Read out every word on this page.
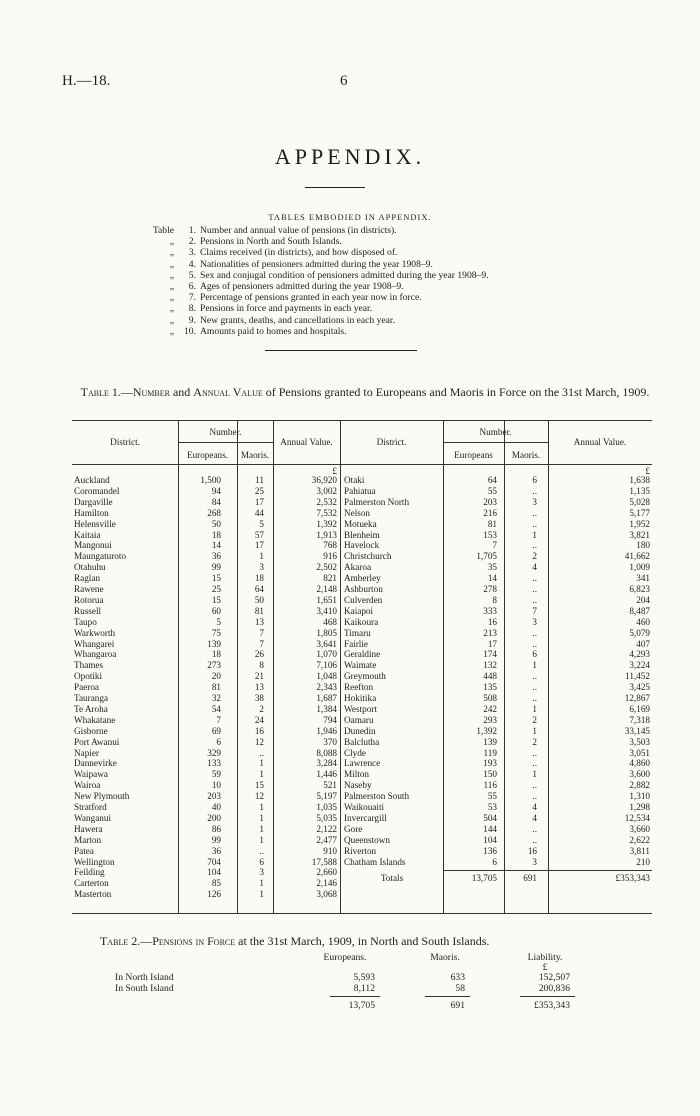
H.—18.	6
APPENDIX.
TABLES EMBODIED IN APPENDIX.
Table	1. Number and annual value of pensions (in districts).
„	2. Pensions in North and South Islands.
„	3. Claims received (in districts), and how disposed of.
„	4. Nationalities of pensioners admitted during the year 1908–9.
„	5. Sex and conjugal condition of pensioners admitted during the year 1908–9.
„	6. Ages of pensioners admitted during the year 1908–9.
„	7. Percentage of pensions granted in each year now in force.
„	8. Pensions in force and payments in each year.
„	9. New grants, deaths, and cancellations in each year.
„	10. Amounts paid to homes and hospitals.
Table 1.—Number and Annual Value of Pensions granted to Europeans and Maoris in Force on the 31st March, 1909.
District.
Number.
Europeans.	Maoris.
Annual Value.	District.
Number.
Europeans	Maoris.
Annual Value.
£	£
Auckland	1,500	11	36,920
Coromandel	94	25	3,002
Dargaville	84	17	2,532
Hamilton	268	44	7,532
Helensville	50	5	1,392
Kaitaia	18	57	1,913
Mangonui	14	17	768
Maungaturoto	36	1	916
Otahuhu	99	3	2,502
Raglan	15	18	821
Rawene	25	64	2,148
Rotorua	15	50	1,651
Russell	60	81	3,410
Taupo	5	13	468
Warkworth	75	7	1,805
Whangarei	139	7	3,641
Whangaroa	18	26	1,070
Thames	273	8	7,106
Opotiki	20	21	1,048
Paeroa	81	13	2,343
Tauranga	32	38	1,687
Te Aroha	54	2	1,384
Whakatane	7	24	794
Gisborne	69	16	1,946
Port Awanui	6	12	370
Napier	329	..	8,088
Dannevirke	133	1	3,284
Waipawa	59	1	1,446
Wairoa	10	15	521
New Plymouth	203	12	5,197
Stratford	40	1	1,035
Wanganui	200	1	5,035
Hawera	86	1	2,122
Marton	99	1	2,477
Patea	36	..	910
Wellington	704	6	17,588
Feilding	104	3	2,660
Carterton	85	1	2,146
Masterton	126	1	3,068
Otaki	64	6	1,638
Pahiatua	55	..	1,135
Palmerston North	203	3	5,028
Nelson	216	..	5,177
Motueka	81	..	1,952
Blenheim	153	1	3,821
Havelock	7	..	180
Christchurch	1,705	2	41,662
Akaroa	35	4	1,009
Amberley	14	..	341
Ashburton	278	..	6,823
Culverden	8	..	204
Kaiapoi	333	7	8,487
Kaikoura	16	3	460
Timaru	213	..	5,079
Fairlie	17	..	407
Geraldine	174	6	4,293
Waimate	132	1	3,224
Greymouth	448	..	11,452
Reefton	135	..	3,425
Hokitika	508	..	12,867
Westport	242	1	6,169
Oamaru	293	2	7,318
Dunedin	1,392	1	33,145
Balclutha	139	2	3,503
Clyde	119	..	3,051
Lawrence	193	..	4,860
Milton	150	1	3,600
Naseby	116	..	2,882
Palmerston South	55	..	1,310
Waikouaiti	53	4	1,298
Invercargill	504	4	12,534
Gore	144	..	3,660
Queenstown	104	..	2,622
Riverton	136	16	3,811
Chatham Islands	6	3	210
Totals	13,705	691	£353,343
Table 2.—Pensions in Force at the 31st March, 1909, in North and South Islands.
Europeans.	Maoris.	Liability.
£
In North Island	5,593	633	152,507
In South Island	8,112	58	200,836
13,705	691	£353,343
